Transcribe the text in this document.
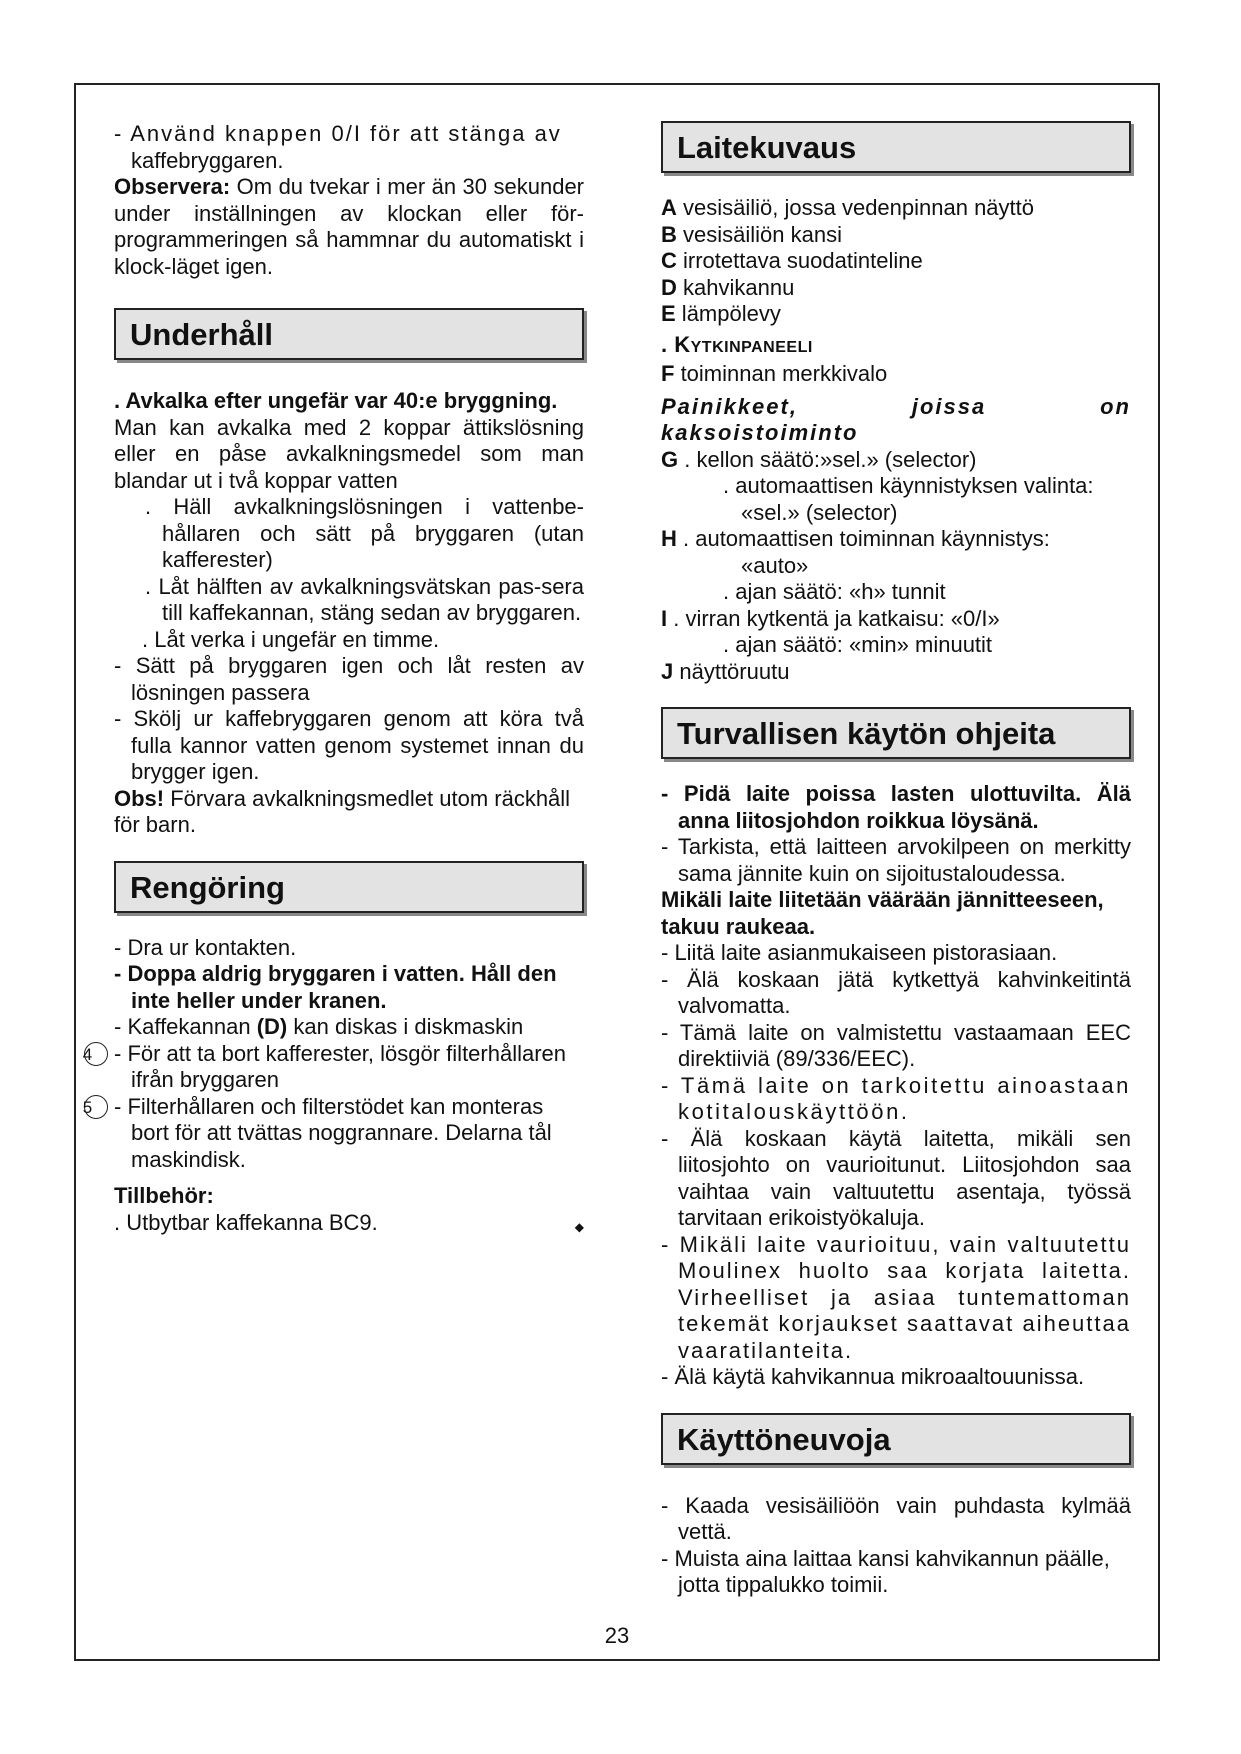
- Använd knappen 0/I för att stänga av

kaffebryggaren.

Observera: Om du tvekar i mer än 30 sekunder under inställningen av klockan eller för-programmeringen så hammnar du automatiskt i klock-läget igen.

Underhåll

. Avkalka efter ungefär var 40:e bryggning.

Man kan avkalka med 2 koppar ättikslösning eller en påse avkalkningsmedel som man blandar ut i två koppar vatten

. Häll avkalkningslösningen i vattenbe-hållaren och sätt på bryggaren (utan kafferester)

. Låt hälften av avkalkningsvätskan pas-sera till kaffekannan, stäng sedan av bryggaren.

. Låt verka i ungefär en timme.

- Sätt på bryggaren igen och låt resten av lösningen passera

- Skölj ur kaffebryggaren genom att köra två fulla kannor vatten genom systemet innan du brygger igen.

Obs! Förvara avkalkningsmedlet utom räckhåll för barn.

Rengöring

- Dra ur kontakten.

- Doppa aldrig bryggaren i vatten. Håll den inte heller under kranen.

- Kaffekannan (D) kan diskas i diskmaskin

4 - För att ta bort kafferester, lösgör filterhållaren ifrån bryggaren

5 - Filterhållaren och filterstödet kan monteras bort för att tvättas noggrannare. Delarna tål maskindisk.

Tillbehör:

. Utbytbar kaffekanna BC9.	◆

Laitekuvaus

A vesisäiliö, jossa vedenpinnan näyttö

B vesisäiliön kansi

C irrotettava suodatinteline

D kahvikannu

E lämpölevy

. KYTKINPANEELI

F toiminnan merkkivalo

Painikkeet,	joissa	on

kaksoistoiminto

G . kellon säätö:»sel.» (selector)

. automaattisen käynnistyksen valinta:

«sel.» (selector)

H . automaattisen toiminnan käynnistys:

«auto»

. ajan säätö: «h» tunnit

I . virran kytkentä ja katkaisu: «0/I»

. ajan säätö: «min» minuutit

J näyttöruutu

Turvallisen käytön ohjeita

- Pidä laite poissa lasten ulottuvilta. Älä anna liitosjohdon roikkua löysänä.

- Tarkista, että laitteen arvokilpeen on merkitty sama jännite kuin on sijoitustaloudessa.

Mikäli laite liitetään väärään jännitteeseen, takuu raukeaa.

- Liitä laite asianmukaiseen pistorasiaan.

- Älä koskaan jätä kytkettyä kahvinkeitintä valvomatta.

- Tämä laite on valmistettu vastaamaan EEC direktiiviä (89/336/EEC).

- Tämä laite on tarkoitettu ainoastaan kotitalouskäyttöön.

- Älä koskaan käytä laitetta, mikäli sen liitosjohto on vaurioitunut. Liitosjohdon saa vaihtaa vain valtuutettu asentaja, työssä tarvitaan erikoistyökaluja.

- Mikäli laite vaurioituu, vain valtuutettu Moulinex huolto saa korjata laitetta. Virheelliset ja asiaa tuntemattoman tekemät korjaukset saattavat aiheuttaa vaaratilanteita.

- Älä käytä kahvikannua mikroaaltouunissa.

Käyttöneuvoja

- Kaada vesisäiliöön vain puhdasta kylmää vettä.

- Muista aina laittaa kansi kahvikannun päälle, jotta tippalukko toimii.

23
